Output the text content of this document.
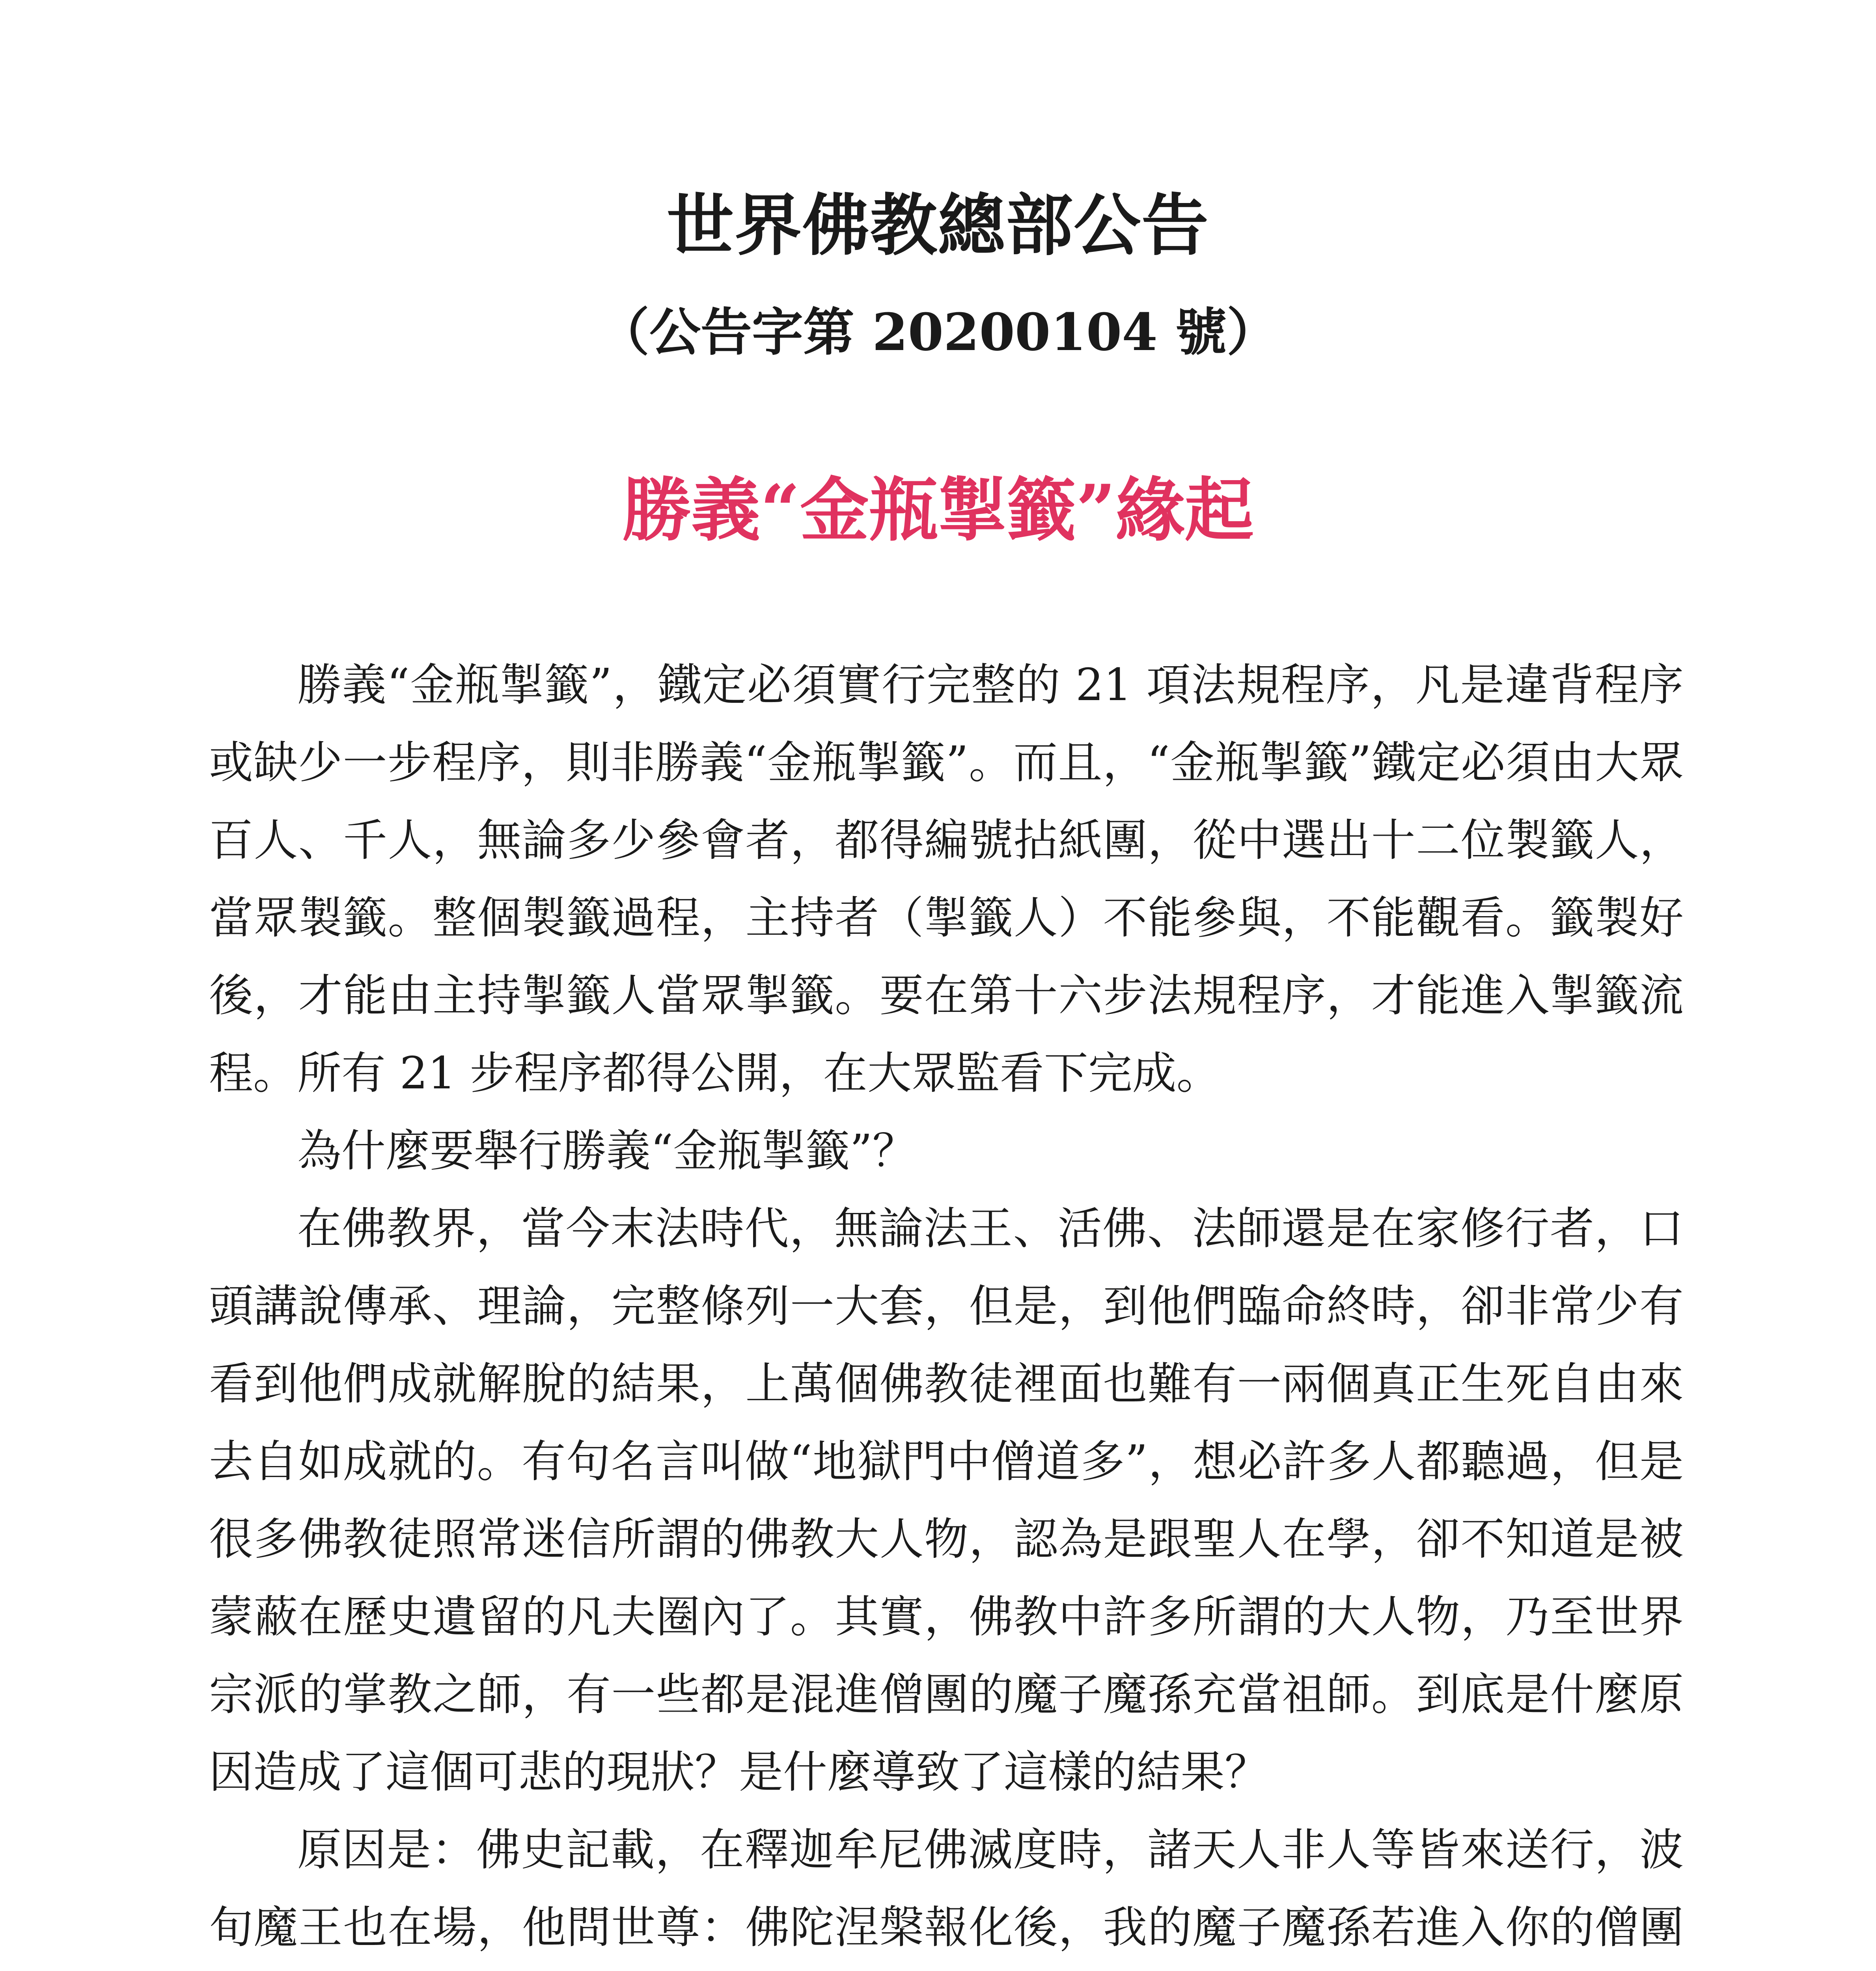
世界佛教總部公告
（公告字第 20200104 號）
勝義“金瓶掣籤”緣起

勝義“金瓶掣籤”，鐵定必須實行完整的 21 項法規程序，凡是違背程序或缺少一步程序，則非勝義“金瓶掣籤”。而且，“金瓶掣籤”鐵定必須由大眾百人、千人，無論多少參會者，都得編號拈紙團，從中選出十二位製籤人，當眾製籤。整個製籤過程，主持者（掣籤人）不能參與，不能觀看。籤製好後，才能由主持掣籤人當眾掣籤。要在第十六步法規程序，才能進入掣籤流程。所有 21 步程序都得公開，在大眾監看下完成。

為什麼要舉行勝義“金瓶掣籤”？

在佛教界，當今末法時代，無論法王、活佛、法師還是在家修行者，口頭講說傳承、理論，完整條列一大套，但是，到他們臨命終時，卻非常少有看到他們成就解脫的結果，上萬個佛教徒裡面也難有一兩個真正生死自由來去自如成就的。有句名言叫做“地獄門中僧道多”，想必許多人都聽過，但是很多佛教徒照常迷信所謂的佛教大人物，認為是跟聖人在學，卻不知道是被蒙蔽在歷史遺留的凡夫圈內了。其實，佛教中許多所謂的大人物，乃至世界宗派的掌教之師，有一些都是混進僧團的魔子魔孫充當祖師。到底是什麼原因造成了這個可悲的現狀？是什麼導致了這樣的結果？

原因是：佛史記載，在釋迦牟尼佛滅度時，諸天人非人等皆來送行，波旬魔王也在場，他問世尊：佛陀涅槃報化後，我的魔子魔孫若進入你的僧團
